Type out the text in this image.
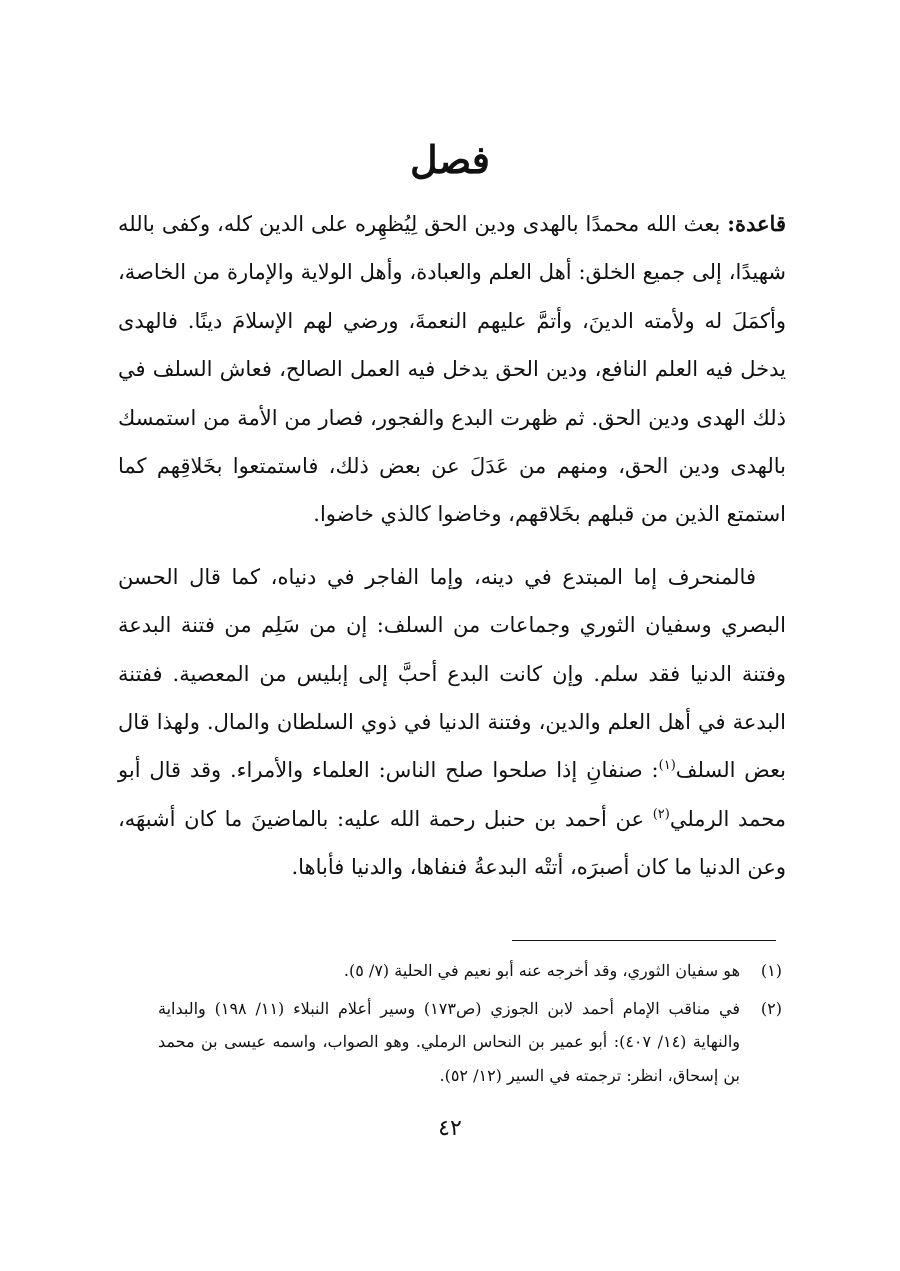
فصل

قاعدة: بعث الله محمدًا بالهدى ودين الحق لِيُظهِره على الدين كله، وكفى بالله شهيدًا، إلى جميع الخلق: أهل العلم والعبادة، وأهل الولاية والإمارة من الخاصة، وأكمَلَ له ولأمته الدينَ، وأتمَّ عليهم النعمةَ، ورضي لهم الإسلامَ دينًا. فالهدى يدخل فيه العلم النافع، ودين الحق يدخل فيه العمل الصالح، فعاش السلف في ذلك الهدى ودين الحق. ثم ظهرت البدع والفجور، فصار من الأمة من استمسك بالهدى ودين الحق، ومنهم من عَدَلَ عن بعض ذلك، فاستمتعوا بخَلاقِهم كما استمتع الذين من قبلهم بخَلاقهم، وخاضوا كالذي خاضوا.

فالمنحرف إما المبتدع في دينه، وإما الفاجر في دنياه، كما قال الحسن البصري وسفيان الثوري وجماعات من السلف: إن من سَلِم من فتنة البدعة وفتنة الدنيا فقد سلم. وإن كانت البدع أحبَّ إلى إبليس من المعصية. ففتنة البدعة في أهل العلم والدين، وفتنة الدنيا في ذوي السلطان والمال. ولهذا قال بعض السلف$^{(١)}$: صنفانِ إذا صلحوا صلح الناس: العلماء والأمراء. وقد قال أبو محمد الرملي$^{(٢)}$ عن أحمد بن حنبل رحمة الله عليه: بالماضينَ ما كان أشبهَه، وعن الدنيا ما كان أصبرَه، أتتْه البدعةُ فنفاها، والدنيا فأباها.

(١)
هو سفيان الثوري، وقد أخرجه عنه أبو نعيم في الحلية (٧/ ٥).
(٢)
في مناقب الإمام أحمد لابن الجوزي (ص١٧٣) وسير أعلام النبلاء (١١/ ١٩٨) والبداية والنهاية (١٤/ ٤٠٧): أبو عمير بن النحاس الرملي. وهو الصواب، واسمه عيسى بن محمد بن إسحاق، انظر: ترجمته في السير (١٢/ ٥٢).
٤٢
